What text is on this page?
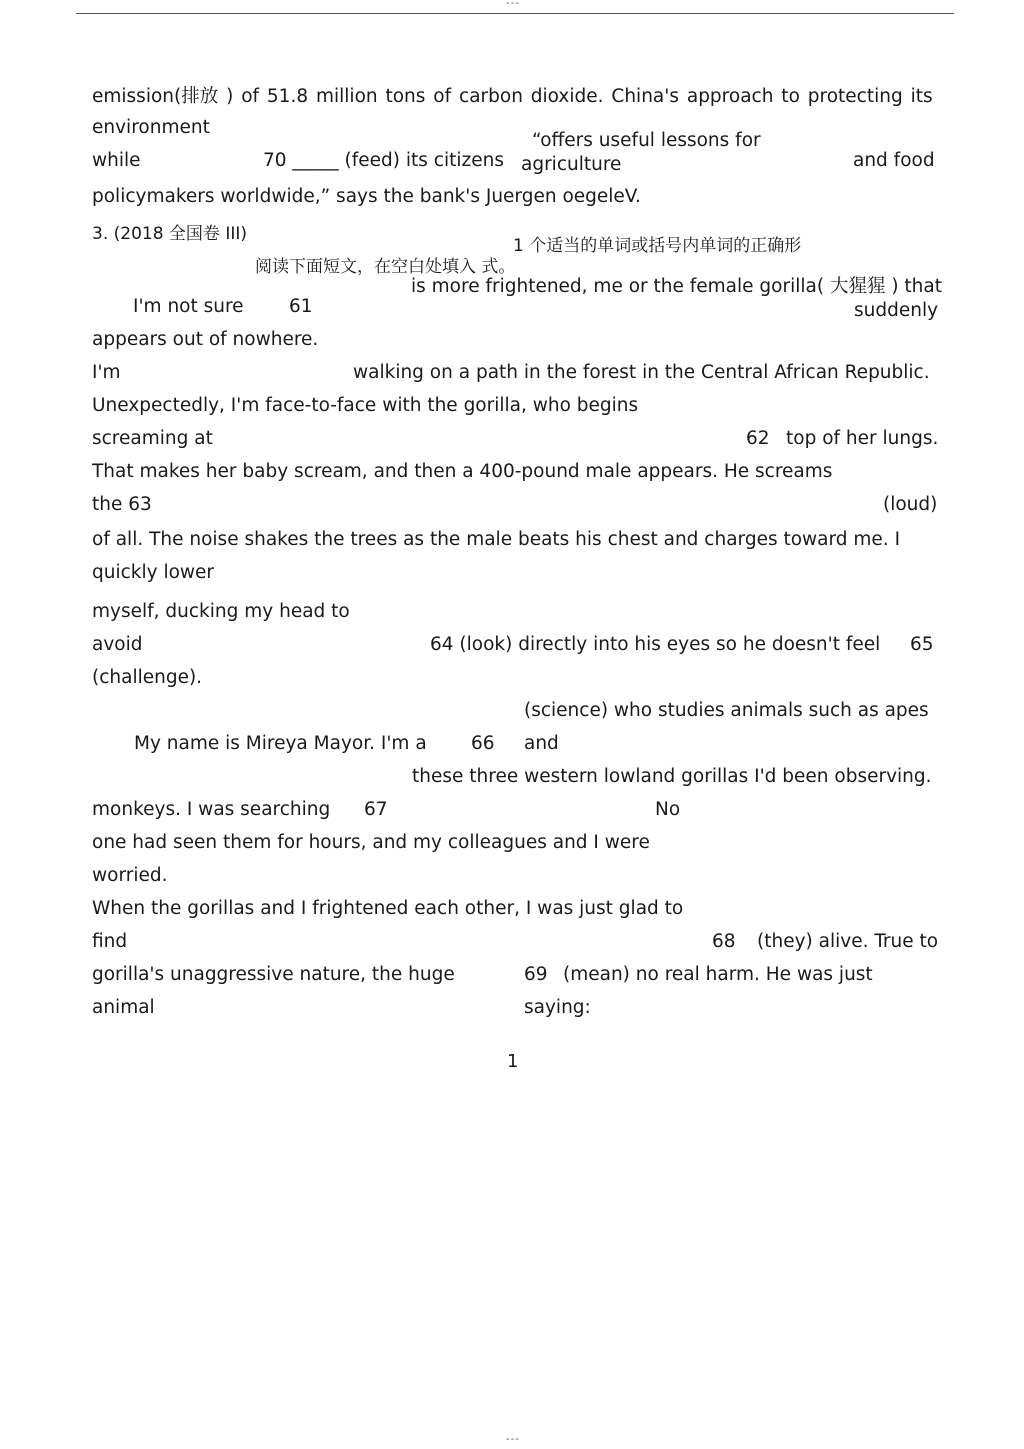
---
emission(排放 ) of 51.8 million tons of carbon dioxide. China's approach to protecting its
environment
while	70 _____ (feed) its citizens
“offers useful lessons for
agriculture	and food
policymakers worldwide,” says the bank's Juergen oegeleV.
3. (2018 全国卷 III)
1 个适当的单词或括号内单词的正确形
阅读下面短文，在空白处填入 式。
is more frightened, me or the female gorilla( 大猩猩 ) that
I'm not sure 61	suddenly
appears out of nowhere.
I'm	walking on a path in the forest in the Central African Republic.
Unexpectedly, I'm face-to-face with the gorilla, who begins
screaming at	62 top of her lungs.
That makes her baby scream, and then a 400-pound male appears. He screams
the 63	(loud)
of all. The noise shakes the trees as the male beats his chest and charges toward me. I
quickly lower
myself, ducking my head to
avoid	64 (look) directly into his eyes so he doesn't feel 65
(challenge).
(science) who studies animals such as apes
My name is Mireya Mayor. I'm a 66 and
these three western lowland gorillas I'd been observing.
monkeys. I was searching 67	No
one had seen them for hours, and my colleagues and I were
worried.
When the gorillas and I frightened each other, I was just glad to
find	68 (they) alive. True to
gorilla's unaggressive nature, the huge	69 (mean) no real harm. He was just
animal	saying:
1
---
